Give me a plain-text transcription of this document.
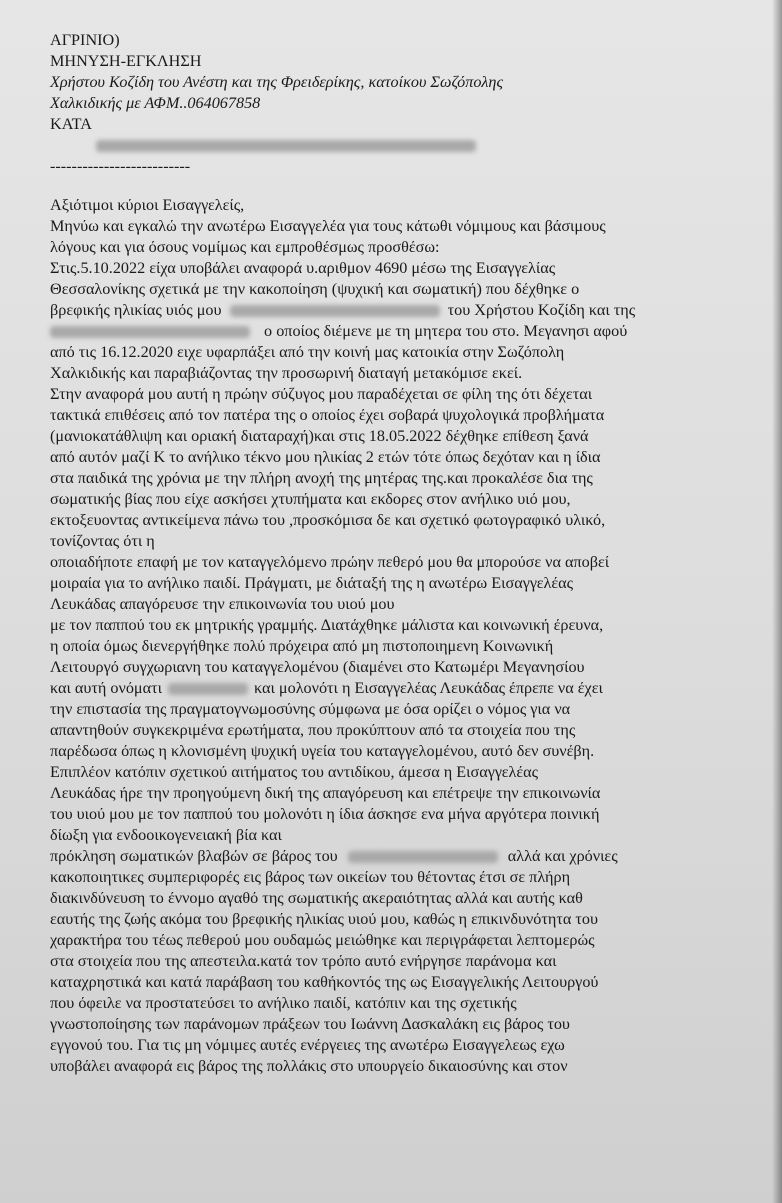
ΑΓΡΙΝΙΟ)
ΜΗΝΥΣΗ-ΕΓΚΛΗΣΗ
Χρήστου Κοζίδη του Ανέστη και της Φρειδερίκης, κατοίκου Σωζόπολης
Χαλκιδικής με ΑΦΜ..064067858
ΚΑΤΑ
--------------------------
Αξιότιμοι κύριοι Εισαγγελείς,
Μηνύω και εγκαλώ την ανωτέρω Εισαγγελέα για τους κάτωθι νόμιμους και βάσιμους
λόγους και για όσους νομίμως και εμπροθέσμως προσθέσω:
Στις.5.10.2022 είχα υποβάλει αναφορά υ.αριθμον 4690 μέσω της Εισαγγελίας
Θεσσαλονίκης σχετικά με την κακοποίηση (ψυχική και σωματική) που δέχθηκε ο
βρεφικής ηλικίας υιός μου	του Χρήστου Κοζίδη και της
ο οποίος διέμενε με τη μητερα του στο. Μεγανησι αφού
από τις 16.12.2020 ειχε υφαρπάξει από την κοινή μας κατοικία στην Σωζόπολη
Χαλκιδικής και παραβιάζοντας την προσωρινή διαταγή μετακόμισε εκεί.
Στην αναφορά μου αυτή η πρώην σύζυγος μου παραδέχεται σε φίλη της ότι δέχεται
τακτικά επιθέσεις από τον πατέρα της ο οποίος έχει σοβαρά ψυχολογικά προβλήματα
(μανιοκατάθλιψη και οριακή διαταραχή)και στις 18.05.2022 δέχθηκε επίθεση ξανά
από αυτόν μαζί Κ το ανήλικο τέκνο μου ηλικίας 2 ετών τότε όπως δεχόταν και η ίδια
στα παιδικά της χρόνια με την πλήρη ανοχή της μητέρας της.και προκαλέσε δια της
σωματικής βίας που είχε ασκήσει χτυπήματα και εκδορες στον ανήλικο υιό μου,
εκτοξευοντας αντικείμενα πάνω του ,προσκόμισα δε και σχετικό φωτογραφικό υλικό,
τονίζοντας ότι η
οποιαδήποτε επαφή με τον καταγγελόμενο πρώην πεθερό μου θα μπορούσε να αποβεί
μοιραία για το ανήλικο παιδί. Πράγματι, με διάταξή της η ανωτέρω Εισαγγελέας
Λευκάδας απαγόρευσε την επικοινωνία του υιού μου
με τον παππού του εκ μητρικής γραμμής. Διατάχθηκε μάλιστα και κοινωνική έρευνα,
η οποία όμως διενεργήθηκε πολύ πρόχειρα από μη πιστοποιημενη Κοινωνική
Λειτουργό συγχωριανη του καταγγελομένου (διαμένει στο Κατωμέρι Μεγανησίου
και αυτή ονόματι	και μολονότι η Εισαγγελέας Λευκάδας έπρεπε να έχει
την επιστασία της πραγματογνωμοσύνης σύμφωνα με όσα ορίζει ο νόμος για να
απαντηθούν συγκεκριμένα ερωτήματα, που προκύπτουν από τα στοιχεία που της
παρέδωσα όπως η κλονισμένη ψυχική υγεία του καταγγελομένου, αυτό δεν συνέβη.
Επιπλέον κατόπιν σχετικού αιτήματος του αντιδίκου, άμεσα η Εισαγγελέας
Λευκάδας ήρε την προηγούμενη δική της απαγόρευση και επέτρεψε την επικοινωνία
του υιού μου με τον παππού του μολονότι η ίδια άσκησε ενα μήνα αργότερα ποινική
δίωξη για ενδοοικογενειακή βία και
πρόκληση σωματικών βλαβών σε βάρος του	αλλά και χρόνιες
κακοποιητικες συμπεριφορές εις βάρος των οικείων του θέτοντας έτσι σε πλήρη
διακινδύνευση το έννομο αγαθό της σωματικής ακεραιότητας αλλά και αυτής καθ
εαυτής της ζωής ακόμα του βρεφικής ηλικίας υιού μου, καθώς η επικινδυνότητα του
χαρακτήρα του τέως πεθερού μου ουδαμώς μειώθηκε και περιγράφεται λεπτομερώς
στα στοιχεία που της απεστειλα.κατά τον τρόπο αυτό ενήργησε παράνομα και
καταχρηστικά και κατά παράβαση του καθήκοντός της ως Εισαγγελικής Λειτουργού
που όφειλε να προστατεύσει το ανήλικο παιδί, κατόπιν και της σχετικής
γνωστοποίησης των παράνομων πράξεων του Ιωάννη Δασκαλάκη εις βάρος του
εγγονού του. Για τις μη νόμιμες αυτές ενέργειες της ανωτέρω Εισαγγελεως εχω
υποβάλει αναφορά εις βάρος της πολλάκις στο υπουργείο δικαιοσύνης και στον
